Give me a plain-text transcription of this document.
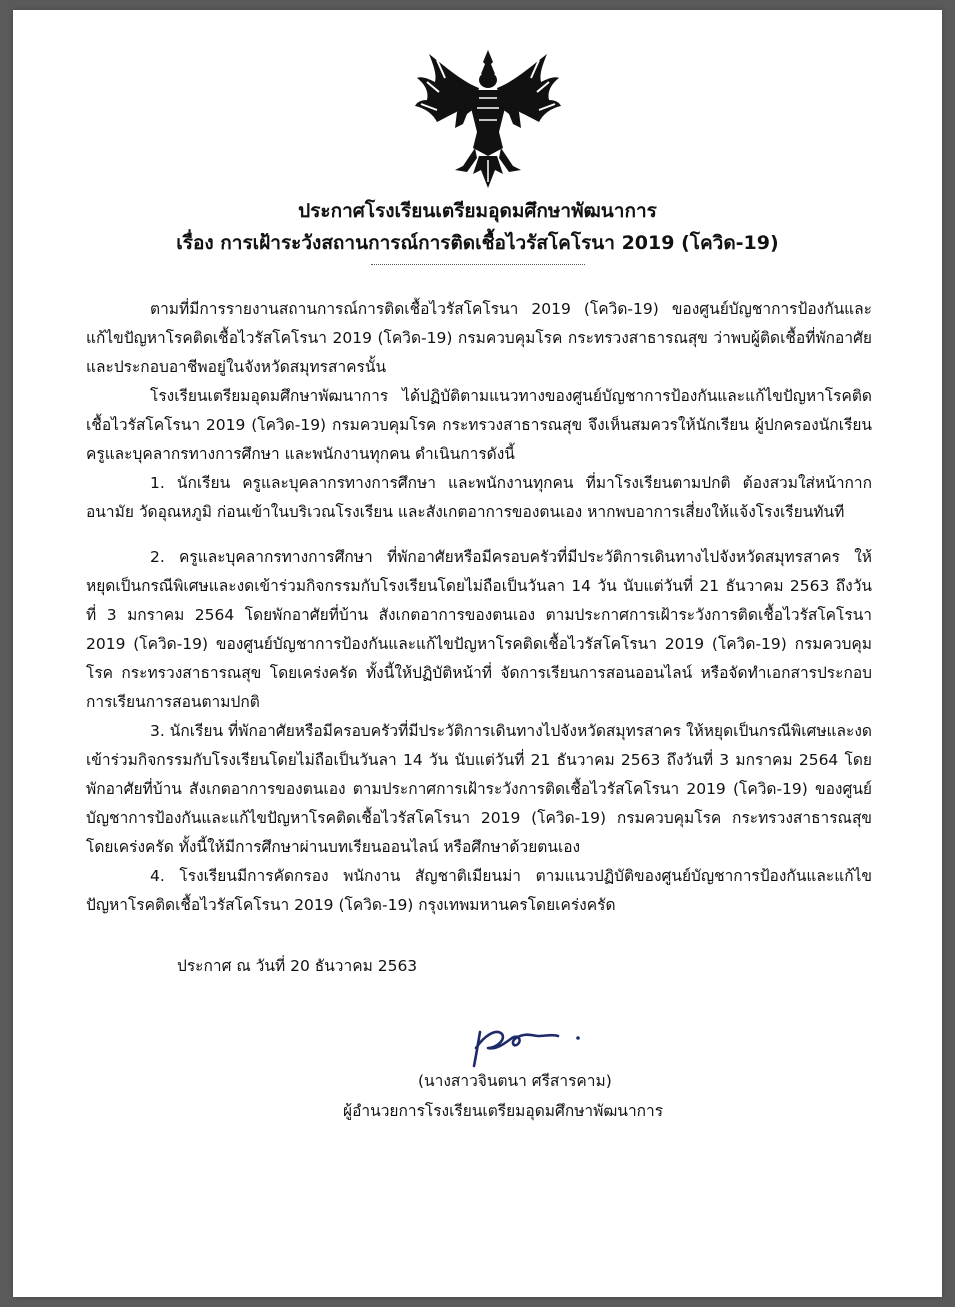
ประกาศโรงเรียนเตรียมอุดมศึกษาพัฒนาการ
เรื่อง การเฝ้าระวังสถานการณ์การติดเชื้อไวรัสโคโรนา 2019 (โควิด-19)

ตามที่มีการรายงานสถานการณ์การติดเชื้อไวรัสโคโรนา 2019 (โควิด-19) ของศูนย์บัญชาการป้องกันและแก้ไขปัญหาโรคติดเชื้อไวรัสโคโรนา 2019 (โควิด-19) กรมควบคุมโรค กระทรวงสาธารณสุข ว่าพบผู้ติดเชื้อที่พักอาศัย และประกอบอาชีพอยู่ในจังหวัดสมุทรสาครนั้น

โรงเรียนเตรียมอุดมศึกษาพัฒนาการ ได้ปฏิบัติตามแนวทางของศูนย์บัญชาการป้องกันและแก้ไขปัญหาโรคติดเชื้อไวรัสโคโรนา 2019 (โควิด-19) กรมควบคุมโรค กระทรวงสาธารณสุข จึงเห็นสมควรให้นักเรียน ผู้ปกครองนักเรียน ครูและบุคลากรทางการศึกษา และพนักงานทุกคน ดำเนินการดังนี้

1. นักเรียน ครูและบุคลากรทางการศึกษา และพนักงานทุกคน ที่มาโรงเรียนตามปกติ ต้องสวมใส่หน้ากากอนามัย วัดอุณหภูมิ ก่อนเข้าในบริเวณโรงเรียน และสังเกตอาการของตนเอง หากพบอาการเสี่ยงให้แจ้งโรงเรียนทันที

2. ครูและบุคลากรทางการศึกษา ที่พักอาศัยหรือมีครอบครัวที่มีประวัติการเดินทางไปจังหวัดสมุทรสาคร ให้หยุดเป็นกรณีพิเศษและงดเข้าร่วมกิจกรรมกับโรงเรียนโดยไม่ถือเป็นวันลา 14 วัน นับแต่วันที่ 21 ธันวาคม 2563 ถึงวันที่ 3 มกราคม 2564 โดยพักอาศัยที่บ้าน สังเกตอาการของตนเอง ตามประกาศการเฝ้าระวังการติดเชื้อไวรัสโคโรนา 2019 (โควิด-19) ของศูนย์บัญชาการป้องกันและแก้ไขปัญหาโรคติดเชื้อไวรัสโคโรนา 2019 (โควิด-19) กรมควบคุมโรค กระทรวงสาธารณสุข โดยเคร่งครัด ทั้งนี้ให้ปฏิบัติหน้าที่ จัดการเรียนการสอนออนไลน์ หรือจัดทำเอกสารประกอบการเรียนการสอนตามปกติ

3. นักเรียน ที่พักอาศัยหรือมีครอบครัวที่มีประวัติการเดินทางไปจังหวัดสมุทรสาคร ให้หยุดเป็นกรณีพิเศษและงดเข้าร่วมกิจกรรมกับโรงเรียนโดยไม่ถือเป็นวันลา 14 วัน นับแต่วันที่ 21 ธันวาคม 2563 ถึงวันที่ 3 มกราคม 2564 โดยพักอาศัยที่บ้าน สังเกตอาการของตนเอง ตามประกาศการเฝ้าระวังการติดเชื้อไวรัสโคโรนา 2019 (โควิด-19) ของศูนย์บัญชาการป้องกันและแก้ไขปัญหาโรคติดเชื้อไวรัสโคโรนา 2019 (โควิด-19) กรมควบคุมโรค กระทรวงสาธารณสุข โดยเคร่งครัด ทั้งนี้ให้มีการศึกษาผ่านบทเรียนออนไลน์ หรือศึกษาด้วยตนเอง

4. โรงเรียนมีการคัดกรอง พนักงาน สัญชาติเมียนม่า ตามแนวปฏิบัติของศูนย์บัญชาการป้องกันและแก้ไขปัญหาโรคติดเชื้อไวรัสโคโรนา 2019 (โควิด-19) กรุงเทพมหานครโดยเคร่งครัด

ประกาศ ณ วันที่ 20 ธันวาคม 2563
(นางสาวจินตนา ศรีสารคาม)
ผู้อำนวยการโรงเรียนเตรียมอุดมศึกษาพัฒนาการ
